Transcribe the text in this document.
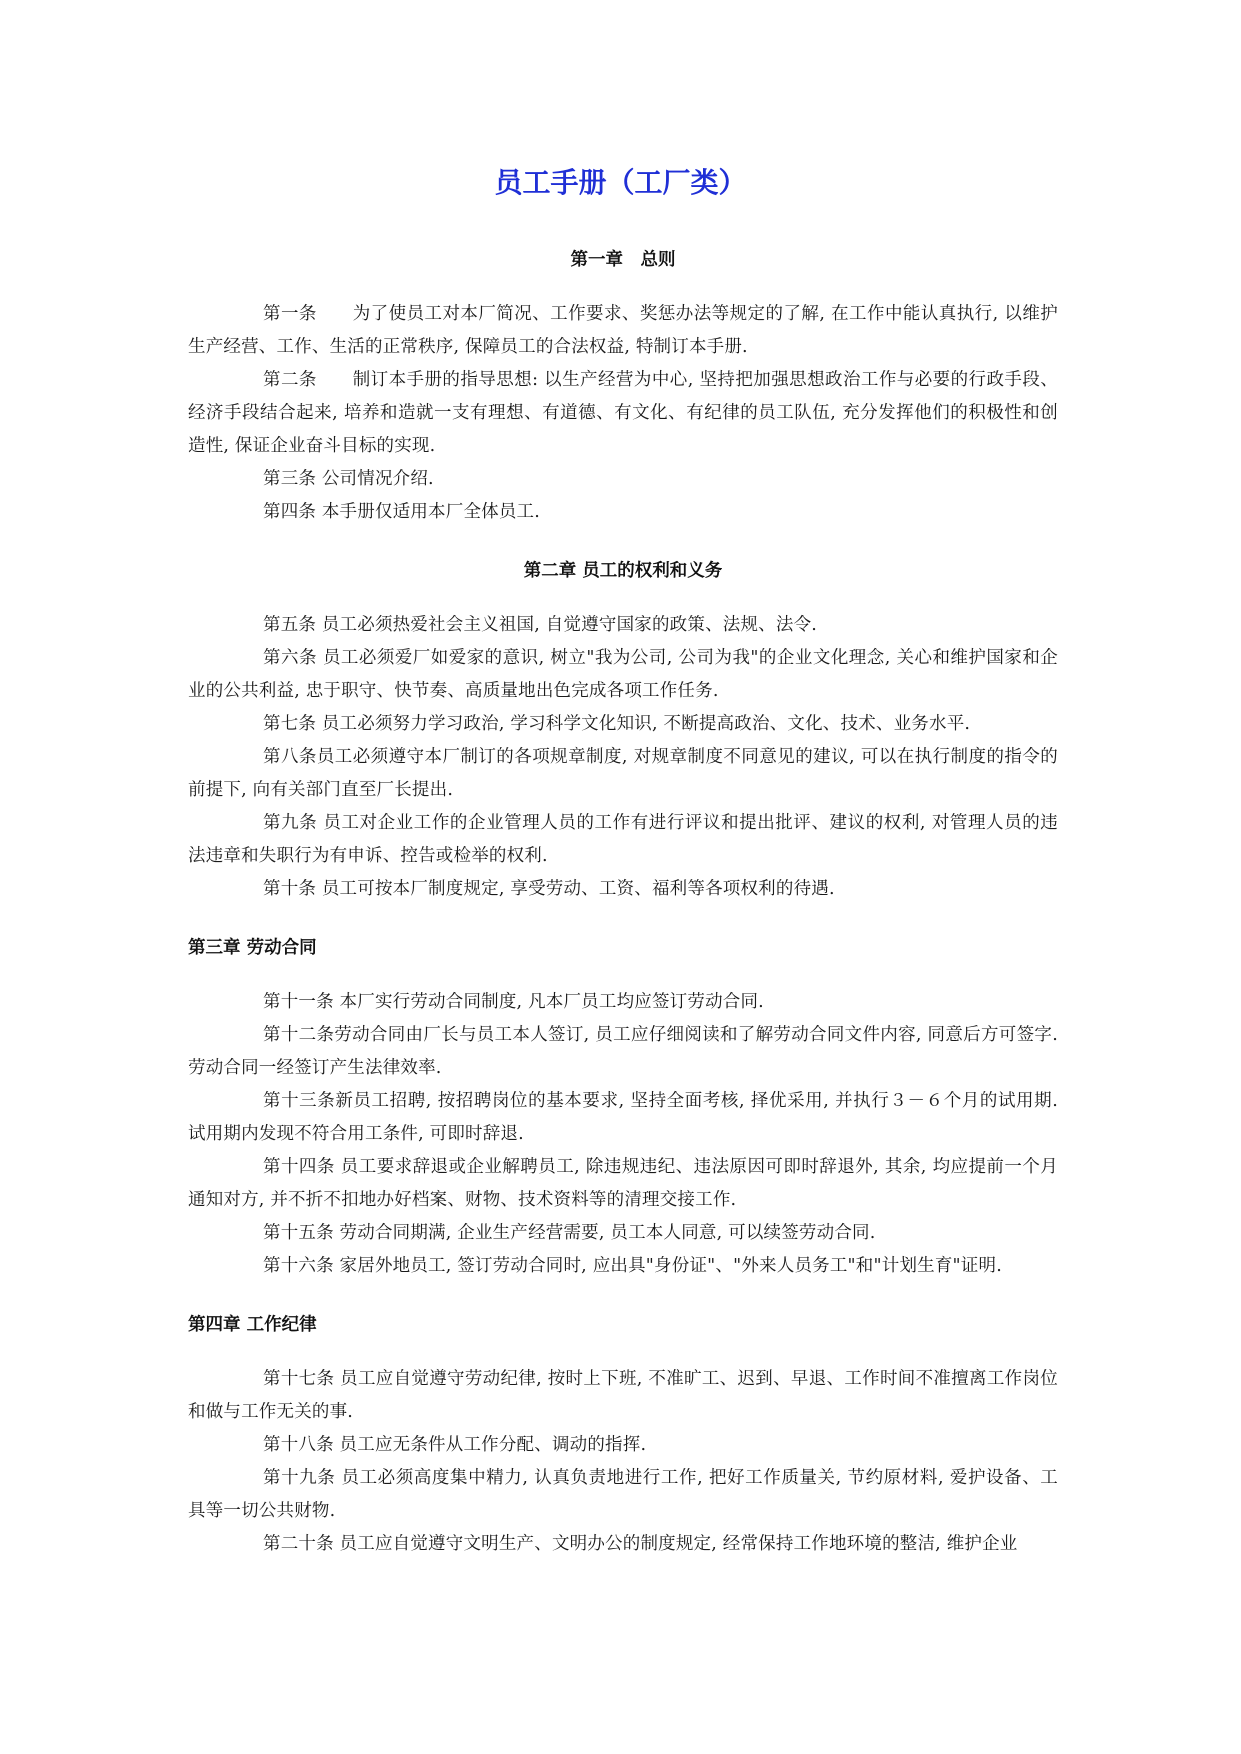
员工手册（工厂类）
第一章　总则

第一条　　为了使员工对本厂简况、工作要求、奖惩办法等规定的了解, 在工作中能认真执行, 以维护生产经营、工作、生活的正常秩序, 保障员工的合法权益, 特制订本手册.

第二条　　制订本手册的指导思想: 以生产经营为中心, 坚持把加强思想政治工作与必要的行政手段、经济手段结合起来, 培养和造就一支有理想、有道德、有文化、有纪律的员工队伍, 充分发挥他们的积极性和创造性, 保证企业奋斗目标的实现.

第三条 公司情况介绍.

第四条 本手册仅适用本厂全体员工.

第二章 员工的权利和义务

第五条 员工必须热爱社会主义祖国, 自觉遵守国家的政策、法规、法令.

第六条 员工必须爱厂如爱家的意识, 树立"我为公司, 公司为我"的企业文化理念, 关心和维护国家和企业的公共利益, 忠于职守、快节奏、高质量地出色完成各项工作任务.

第七条 员工必须努力学习政治, 学习科学文化知识, 不断提高政治、文化、技术、业务水平.

第八条员工必须遵守本厂制订的各项规章制度, 对规章制度不同意见的建议, 可以在执行制度的指令的前提下, 向有关部门直至厂长提出.

第九条 员工对企业工作的企业管理人员的工作有进行评议和提出批评、建议的权利, 对管理人员的违法违章和失职行为有申诉、控告或检举的权利.

第十条 员工可按本厂制度规定, 享受劳动、工资、福利等各项权利的待遇.

第三章 劳动合同

第十一条 本厂实行劳动合同制度, 凡本厂员工均应签订劳动合同.

第十二条劳动合同由厂长与员工本人签订, 员工应仔细阅读和了解劳动合同文件内容, 同意后方可签字. 劳动合同一经签订产生法律效率.

第十三条新员工招聘, 按招聘岗位的基本要求, 坚持全面考核, 择优采用, 并执行３－６个月的试用期. 试用期内发现不符合用工条件, 可即时辞退.

第十四条 员工要求辞退或企业解聘员工, 除违规违纪、违法原因可即时辞退外, 其余, 均应提前一个月通知对方, 并不折不扣地办好档案、财物、技术资料等的清理交接工作.

第十五条 劳动合同期满, 企业生产经营需要, 员工本人同意, 可以续签劳动合同.

第十六条 家居外地员工, 签订劳动合同时, 应出具"身份证"、"外来人员务工"和"计划生育"证明.

第四章 工作纪律

第十七条 员工应自觉遵守劳动纪律, 按时上下班, 不准旷工、迟到、早退、工作时间不准擅离工作岗位和做与工作无关的事.

第十八条 员工应无条件从工作分配、调动的指挥.

第十九条 员工必须高度集中精力, 认真负责地进行工作, 把好工作质量关, 节约原材料, 爱护设备、工具等一切公共财物.

第二十条 员工应自觉遵守文明生产、文明办公的制度规定, 经常保持工作地环境的整洁, 维护企业
